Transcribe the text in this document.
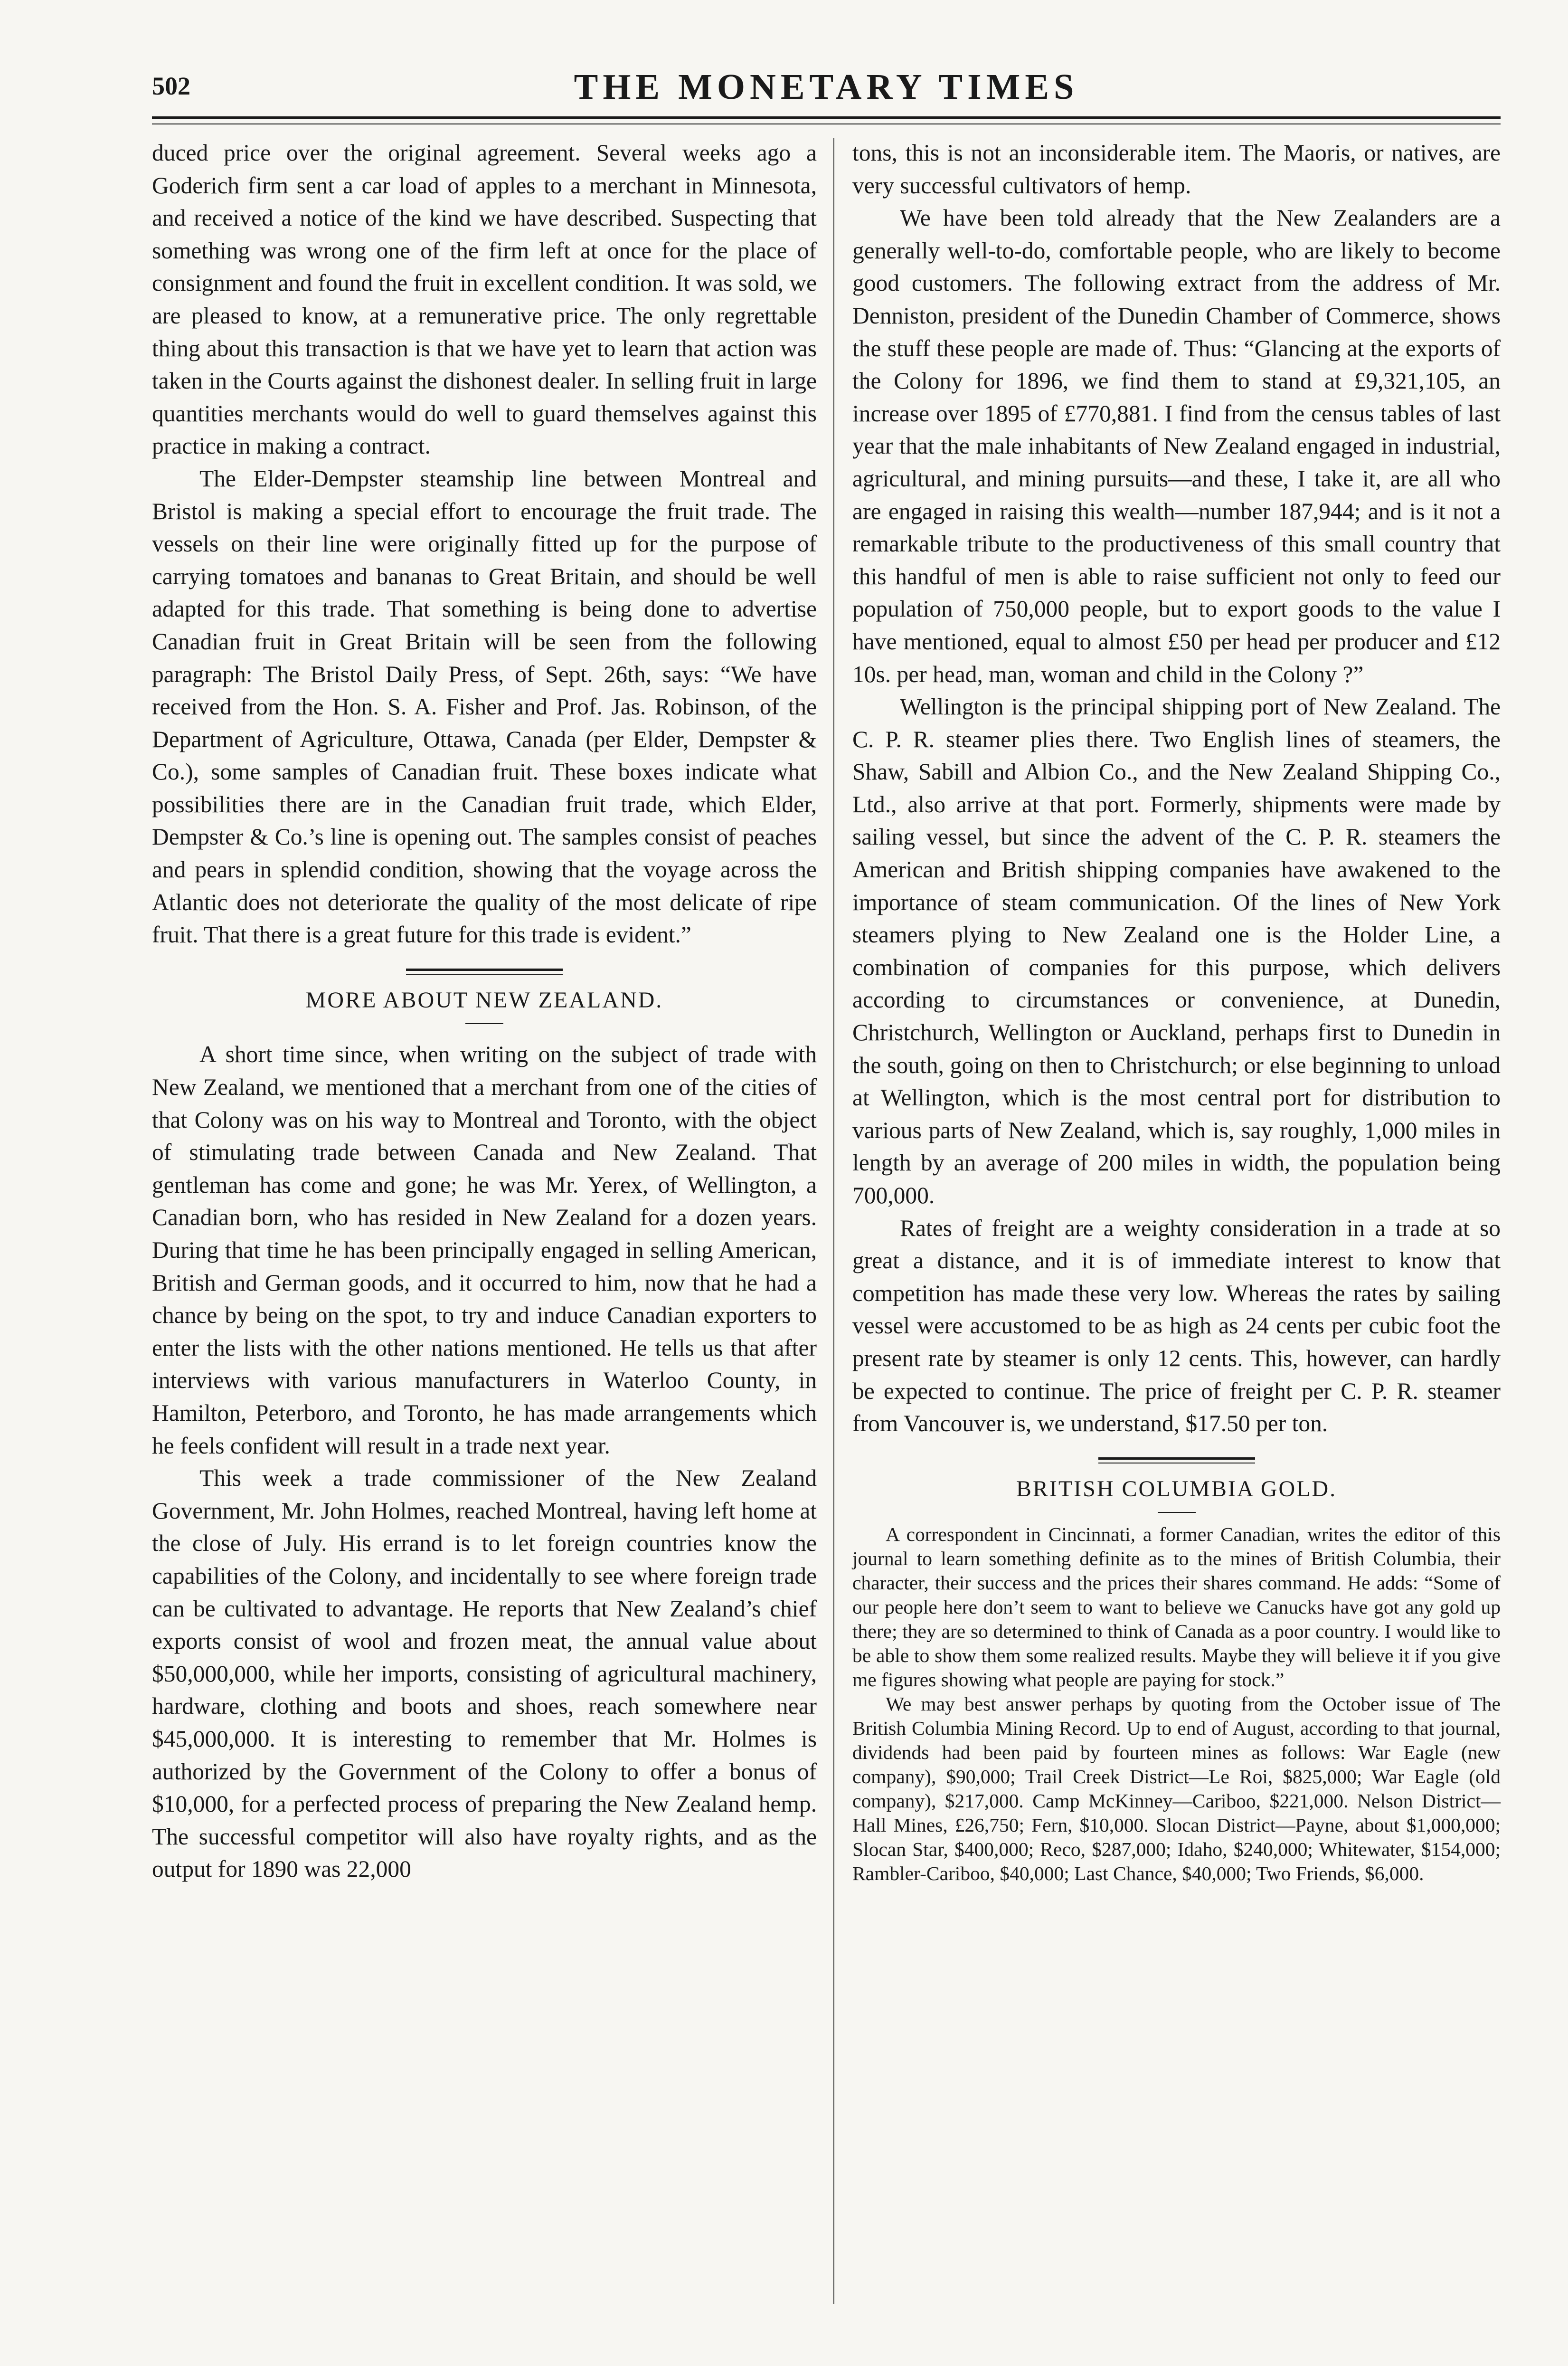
502	THE MONETARY TIMES

duced price over the original agreement. Several weeks ago a Goderich firm sent a car load of apples to a merchant in Minnesota, and received a notice of the kind we have described. Suspecting that something was wrong one of the firm left at once for the place of consignment and found the fruit in excellent condition. It was sold, we are pleased to know, at a remunerative price. The only regrettable thing about this transaction is that we have yet to learn that action was taken in the Courts against the dishonest dealer. In selling fruit in large quantities merchants would do well to guard themselves against this practice in making a contract.

The Elder-Dempster steamship line between Montreal and Bristol is making a special effort to encourage the fruit trade. The vessels on their line were originally fitted up for the purpose of carrying tomatoes and bananas to Great Britain, and should be well adapted for this trade. That something is being done to advertise Canadian fruit in Great Britain will be seen from the following paragraph: The Bristol Daily Press, of Sept. 26th, says: “We have received from the Hon. S. A. Fisher and Prof. Jas. Robinson, of the Department of Agriculture, Ottawa, Canada (per Elder, Dempster & Co.), some samples of Canadian fruit. These boxes indicate what possibilities there are in the Canadian fruit trade, which Elder, Dempster & Co.’s line is opening out. The samples consist of peaches and pears in splendid condition, showing that the voyage across the Atlantic does not deteriorate the quality of the most delicate of ripe fruit. That there is a great future for this trade is evident.”

MORE ABOUT NEW ZEALAND.

A short time since, when writing on the subject of trade with New Zealand, we mentioned that a merchant from one of the cities of that Colony was on his way to Montreal and Toronto, with the object of stimulating trade between Canada and New Zealand. That gentleman has come and gone; he was Mr. Yerex, of Wellington, a Canadian born, who has resided in New Zealand for a dozen years. During that time he has been principally engaged in selling American, British and German goods, and it occurred to him, now that he had a chance by being on the spot, to try and induce Canadian exporters to enter the lists with the other nations mentioned. He tells us that after interviews with various manufacturers in Waterloo County, in Hamilton, Peterboro, and Toronto, he has made arrangements which he feels confident will result in a trade next year.

This week a trade commissioner of the New Zealand Government, Mr. John Holmes, reached Montreal, having left home at the close of July. His errand is to let foreign countries know the capabilities of the Colony, and incidentally to see where foreign trade can be cultivated to advantage. He reports that New Zealand’s chief exports consist of wool and frozen meat, the annual value about $50,000,000, while her imports, consisting of agricultural machinery, hardware, clothing and boots and shoes, reach somewhere near $45,000,000. It is interesting to remember that Mr. Holmes is authorized by the Government of the Colony to offer a bonus of $10,000, for a perfected process of preparing the New Zealand hemp. The successful competitor will also have royalty rights, and as the output for 1890 was 22,000

tons, this is not an inconsiderable item. The Maoris, or natives, are very successful cultivators of hemp.

We have been told already that the New Zealanders are a generally well-to-do, comfortable people, who are likely to become good customers. The following extract from the address of Mr. Denniston, president of the Dunedin Chamber of Commerce, shows the stuff these people are made of. Thus: “Glancing at the exports of the Colony for 1896, we find them to stand at £9,321,105, an increase over 1895 of £770,881. I find from the census tables of last year that the male inhabitants of New Zealand engaged in industrial, agricultural, and mining pursuits—and these, I take it, are all who are engaged in raising this wealth—number 187,944; and is it not a remarkable tribute to the productiveness of this small country that this handful of men is able to raise sufficient not only to feed our population of 750,000 people, but to export goods to the value I have mentioned, equal to almost £50 per head per producer and £12 10s. per head, man, woman and child in the Colony ?”

Wellington is the principal shipping port of New Zealand. The C. P. R. steamer plies there. Two English lines of steamers, the Shaw, Sabill and Albion Co., and the New Zealand Shipping Co., Ltd., also arrive at that port. Formerly, shipments were made by sailing vessel, but since the advent of the C. P. R. steamers the American and British shipping companies have awakened to the importance of steam communication. Of the lines of New York steamers plying to New Zealand one is the Holder Line, a combination of companies for this purpose, which delivers according to circumstances or convenience, at Dunedin, Christchurch, Wellington or Auckland, perhaps first to Dunedin in the south, going on then to Christchurch; or else beginning to unload at Wellington, which is the most central port for distribution to various parts of New Zealand, which is, say roughly, 1,000 miles in length by an average of 200 miles in width, the population being 700,000.

Rates of freight are a weighty consideration in a trade at so great a distance, and it is of immediate interest to know that competition has made these very low. Whereas the rates by sailing vessel were accustomed to be as high as 24 cents per cubic foot the present rate by steamer is only 12 cents. This, however, can hardly be expected to continue. The price of freight per C. P. R. steamer from Vancouver is, we understand, $17.50 per ton.

BRITISH COLUMBIA GOLD.

A correspondent in Cincinnati, a former Canadian, writes the editor of this journal to learn something definite as to the mines of British Columbia, their character, their success and the prices their shares command. He adds: “Some of our people here don’t seem to want to believe we Canucks have got any gold up there; they are so determined to think of Canada as a poor country. I would like to be able to show them some realized results. Maybe they will believe it if you give me figures showing what people are paying for stock.”

We may best answer perhaps by quoting from the October issue of The British Columbia Mining Record. Up to end of August, according to that journal, dividends had been paid by fourteen mines as follows: War Eagle (new company), $90,000; Trail Creek District—Le Roi, $825,000; War Eagle (old company), $217,000. Camp McKinney—Cariboo, $221,000. Nelson District—Hall Mines, £26,750; Fern, $10,000. Slocan District—Payne, about $1,000,000; Slocan Star, $400,000; Reco, $287,000; Idaho, $240,000; Whitewater, $154,000; Rambler-Cariboo, $40,000; Last Chance, $40,000; Two Friends, $6,000.
